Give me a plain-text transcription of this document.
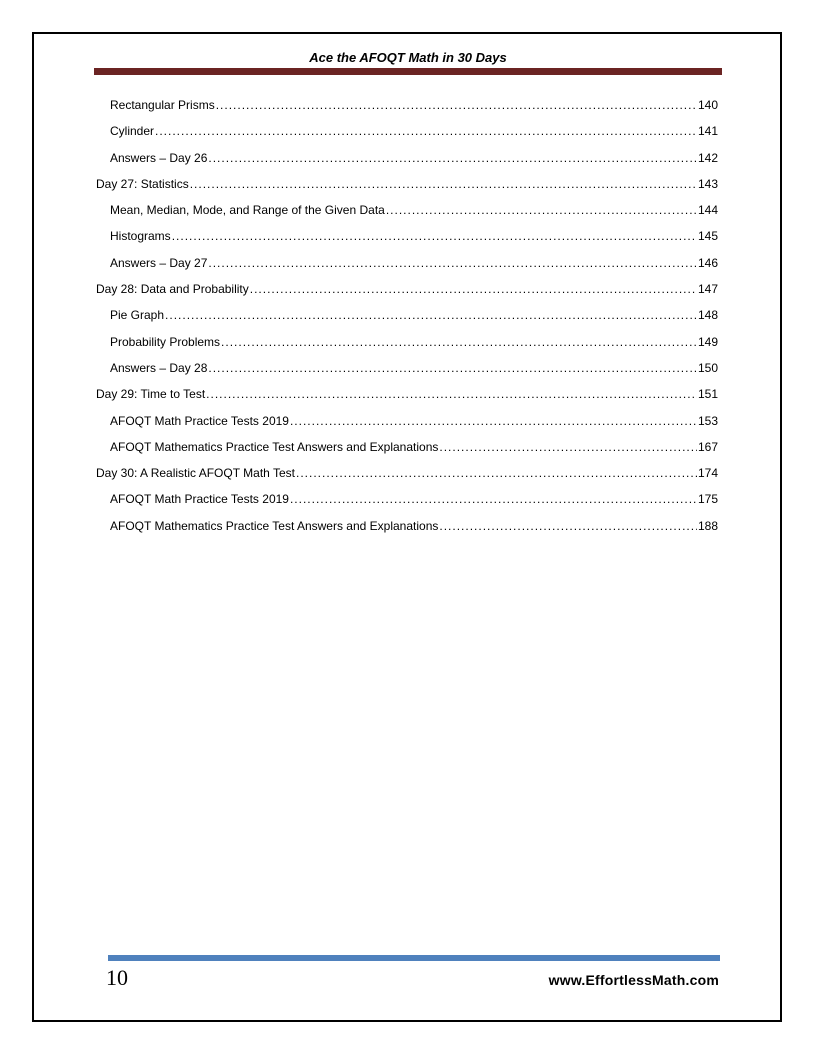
Ace the AFOQT Math in 30 Days
Rectangular Prisms .....	140
Cylinder .....	141
Answers – Day 26 .....	142
Day 27: Statistics .....	143
Mean, Median, Mode, and Range of the Given Data .....	144
Histograms .....	145
Answers – Day 27 .....	146
Day 28: Data and Probability .....	147
Pie Graph .....	148
Probability Problems .....	149
Answers – Day 28 .....	150
Day 29: Time to Test .....	151
AFOQT Math Practice Tests 2019 .....	153
AFOQT Mathematics Practice Test Answers and Explanations .....	167
Day 30: A Realistic AFOQT Math Test .....	174
AFOQT Math Practice Tests 2019 .....	175
AFOQT Mathematics Practice Test Answers and Explanations .....	188
10	www.EffortlessMath.com
